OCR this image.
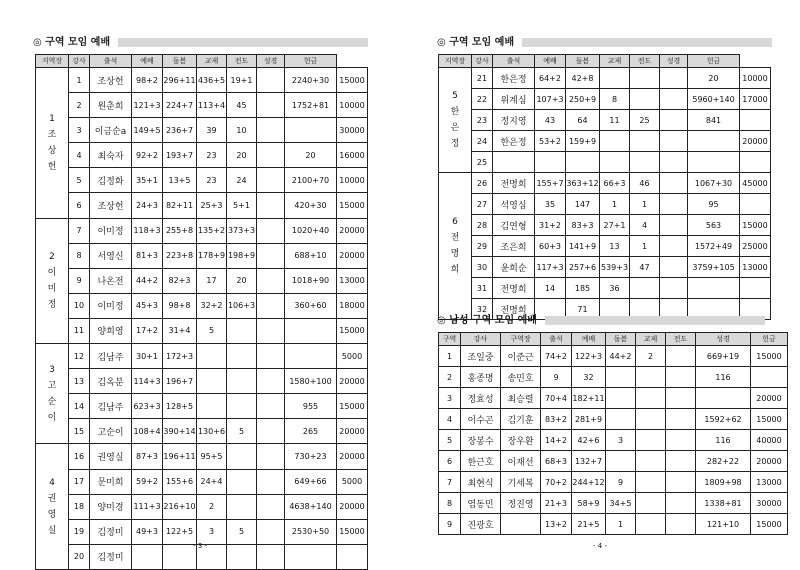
◎ 구역 모임 예배
지역장	강사	출석	예배	돌봄	교제	전도	성경	헌금	

1
조
상
헌	1	조상헌	98+2	296+11	436+5	19+1		2240+30	15000
	2	원춘희	121+3	224+7	113+4	45		1752+81	10000
	3	이금순a	149+5	236+7	39	10			30000
	4	최숙자	92+2	193+7	23	20		20	16000
	5	김정화	35+1	13+5	23	24		2100+70	10000
	6	조상헌	24+3	82+11	25+3	5+1		420+30	15000

2
이
미
정	7	이미정	118+3	255+8	135+2	373+3		1020+40	20000
	8	서영신	81+3	223+8	178+9	198+9		688+10	20000
	9	나온전	44+2	82+3	17	20		1018+90	13000
	10	이미정	45+3	98+8	32+2	106+3		360+60	18000
	11	양희영	17+2	31+4	5				15000

3
고
순
이	12	김남주	30+1	172+3					5000
	13	김옥분	114+3	196+7				1580+100	20000
	14	김남주	623+3	128+5				955	15000
	15	고순이	108+4	390+14	130+6	5		265	20000

4
권
영
실	16	권영실	87+3	196+11	95+5			730+23	20000
	17	문미희	59+2	155+6	24+4			649+66	5000
	18	양미경	111+3	216+10	2			4638+140	20000
	19	김정미	49+3	122+5	3	5		2530+50	15000
	20	김정미							
- 3 -
◎ 구역 모임 예배
지역장	강사	출석	예배	돌봄	교제	전도	성경	헌금	

5
한
은
정	21	한은정	64+2	42+8				20	10000
	22	위계심	107+3	250+9	8			5960+140	17000
	23	정지영	43	64	11	25		841	
	24	한은정	53+2	159+9					20000
	25								

6
전
명
희	26	전명희	155+7	363+12	66+3	46		1067+30	45000
	27	석영심	35	147	1	1		95	
	28	김연형	31+2	83+3	27+1	4		563	15000
	29	조은희	60+3	141+9	13	1		1572+49	25000
	30	윤희순	117+3	257+6	539+3	47		3759+105	13000
	31	전명희	14	185	36				
	32	전명희		71					
◎ 남성 구역 모임 예배
구역	강사	구역장	출석	예배	돌봄	교제	전도	성경	헌금
1	조일중	이준근	74+2	122+3	44+2	2		669+19	15000
2	홍종명	송민호	9	32				116	
3	정효성	최승렬	70+4	182+11					20000
4	이수곤	김기훈	83+2	281+9				1592+62	15000
5	장봉수	장우환	14+2	42+6	3			116	40000
6	한근호	이재선	68+3	132+7				282+22	20000
7	최현식	기세복	70+2	244+12	9			1809+98	13000
8	염동민	정진영	21+3	58+9	34+5			1338+81	30000
9	진광호		13+2	21+5	1			121+10	15000
- 4 -
